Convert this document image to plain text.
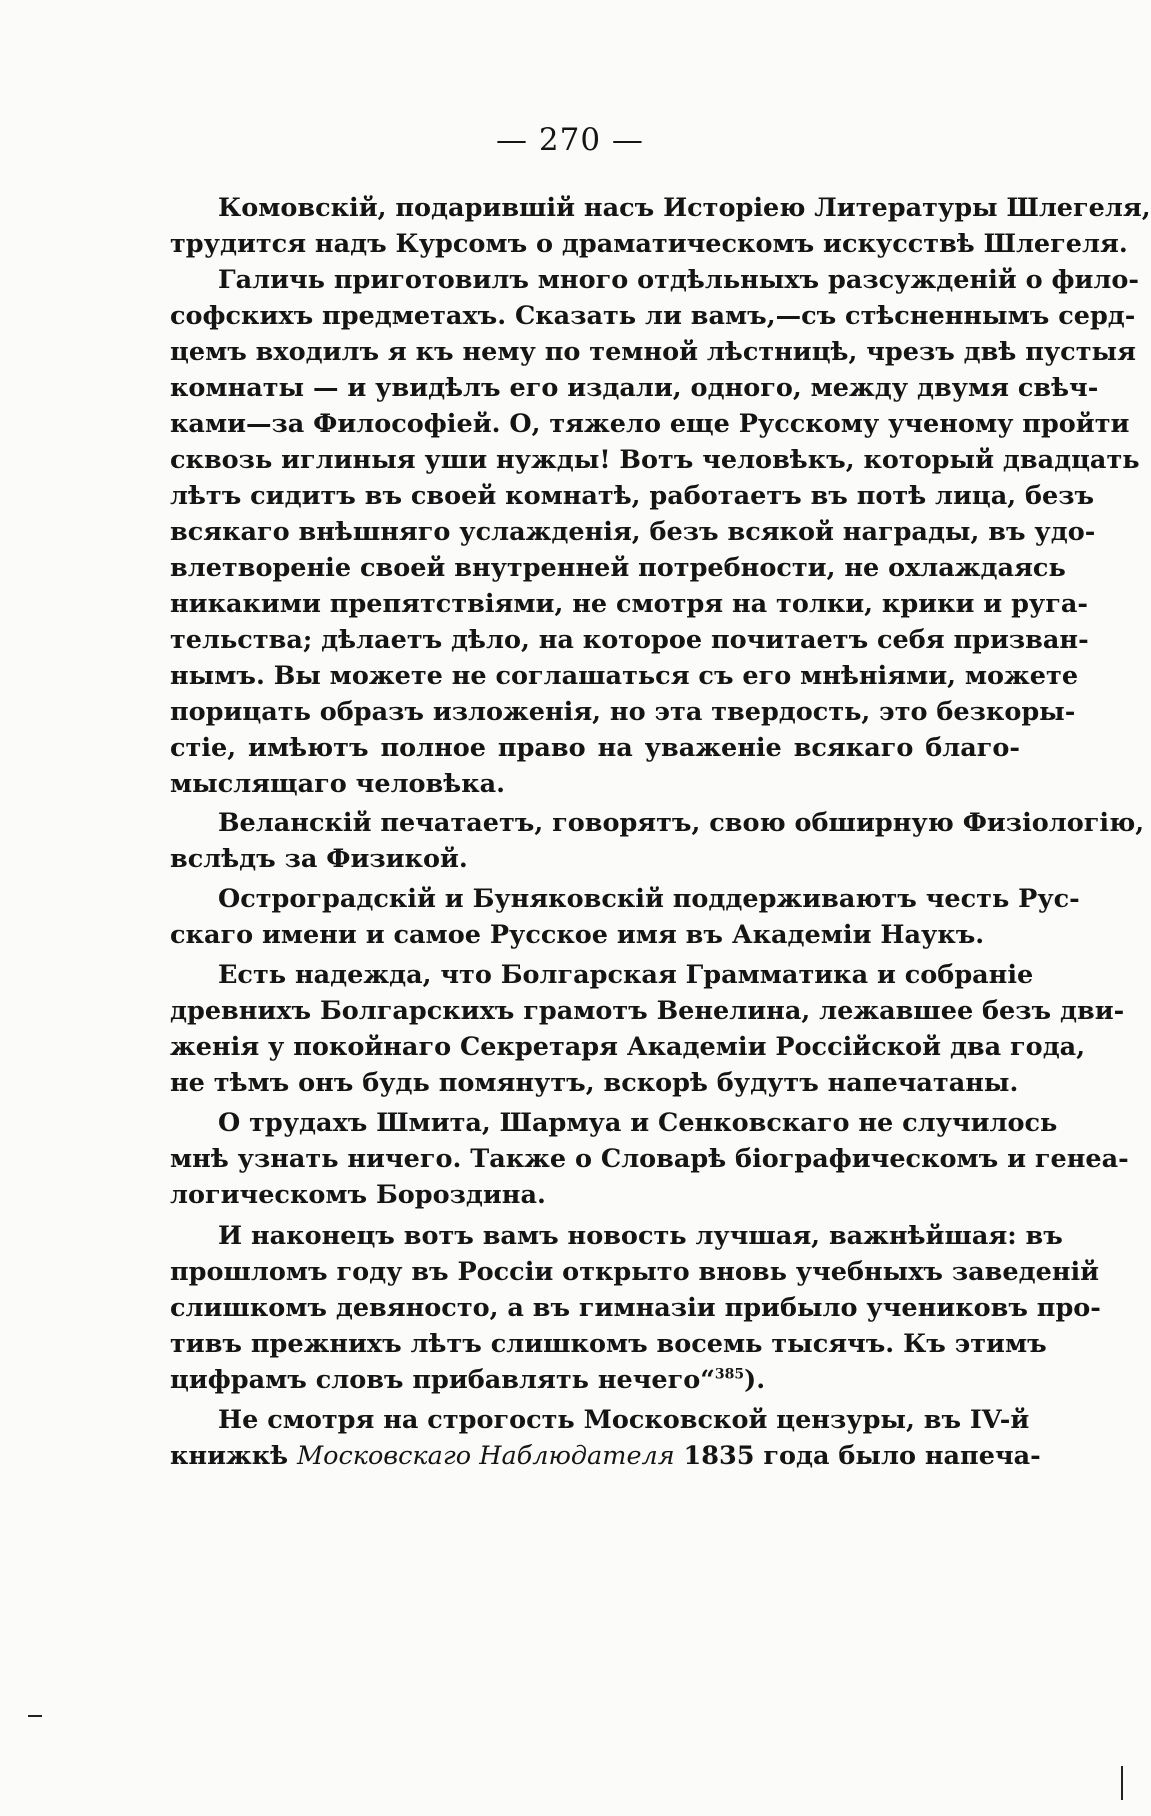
— 270 —
Комовскій, подарившій насъ Исторіею Литературы Шлегеля,
трудится надъ Курсомъ о драматическомъ искусствѣ Шлегеля.
Галичь приготовилъ много отдѣльныхъ разсужденій о фило-
софскихъ предметахъ. Сказать ли вамъ,—съ стѣсненнымъ серд-
цемъ входилъ я къ нему по темной лѣстницѣ, чрезъ двѣ пустыя
комнаты — и увидѣлъ его издали, одного, между двумя свѣч-
ками—за Философіей. О, тяжело еще Русскому ученому пройти
сквозь иглиныя уши нужды! Вотъ человѣкъ, который двадцать
лѣтъ сидитъ въ своей комнатѣ, работаетъ въ потѣ лица, безъ
всякаго внѣшняго услажденія, безъ всякой награды, въ удо-
влетвореніе своей внутренней потребности, не охлаждаясь
никакими препятствіями, не смотря на толки, крики и руга-
тельства; дѣлаетъ дѣло, на которое почитаетъ себя призван-
нымъ. Вы можете не соглашаться съ его мнѣніями, можете
порицать образъ изложенія, но эта твердость, это безкоры-
стіе, имѣютъ полное право на уваженіе всякаго благо-
мыслящаго человѣка.
Веланскій печатаетъ, говорятъ, свою обширную Физіологію,
вслѣдъ за Физикой.
Остроградскій и Буняковскій поддерживаютъ честь Рус-
скаго имени и самое Русское имя въ Академіи Наукъ.
Есть надежда, что Болгарская Грамматика и собраніе
древнихъ Болгарскихъ грамотъ Венелина, лежавшее безъ дви-
женія у покойнаго Секретаря Академіи Россійской два года,
не тѣмъ онъ будь помянутъ, вскорѣ будутъ напечатаны.
О трудахъ Шмита, Шармуа и Сенковскаго не случилось
мнѣ узнать ничего. Также о Словарѣ біографическомъ и генеа-
логическомъ Бороздина.
И наконецъ вотъ вамъ новость лучшая, важнѣйшая: въ
прошломъ году въ Россіи открыто вновь учебныхъ заведеній
слишкомъ девяносто, а въ гимназіи прибыло учениковъ про-
тивъ прежнихъ лѣтъ слишкомъ восемь тысячъ. Къ этимъ
цифрамъ словъ прибавлять нечего“$^{385}$).
Не смотря на строгость Московской цензуры, въ IV-й
книжкѣ Московскаго Наблюдателя 1835 года было напеча-
